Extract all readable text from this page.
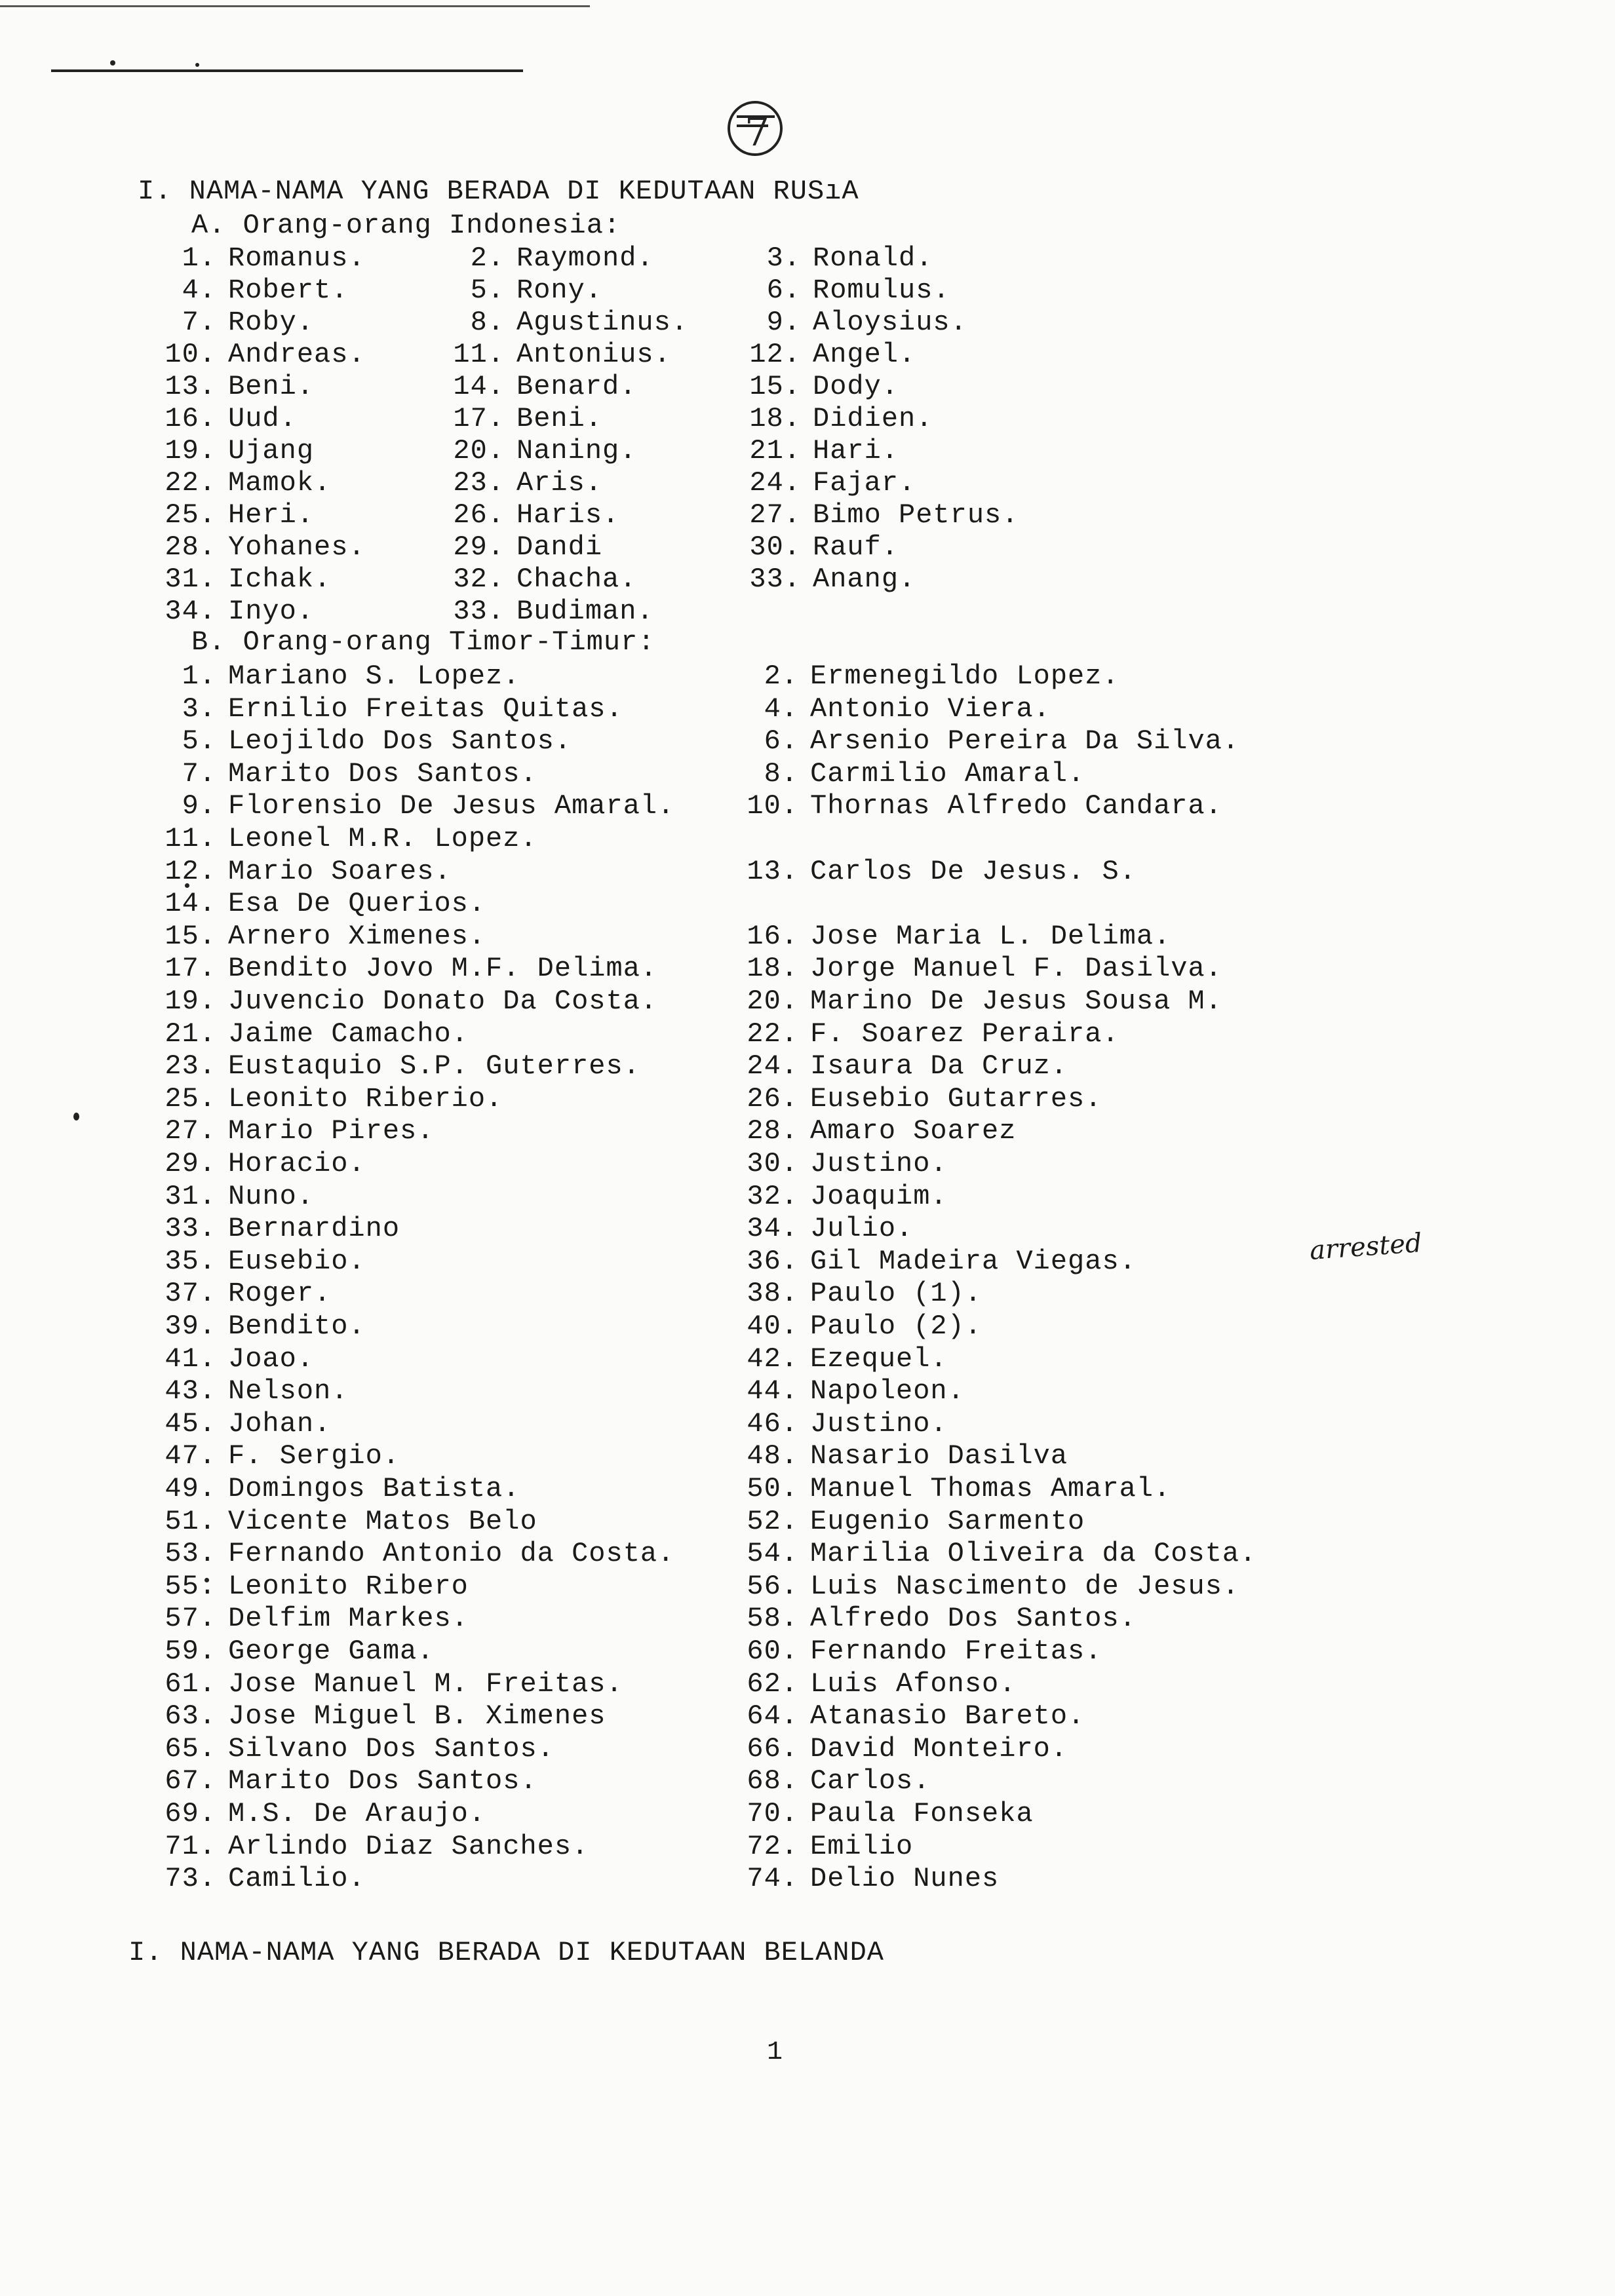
7
I. NAMA-NAMA YANG BERADA DI KEDUTAAN RUSıA
A. Orang-orang Indonesia:
1. Romanus.	2. Raymond.	3. Ronald.
4. Robert.	5. Rony.	6. Romulus.
7. Roby.	8. Agustinus.	9. Aloysius.
10. Andreas.	11. Antonius.	12. Angel.
13. Beni.	14. Benard.	15. Dody.
16. Uud.	17. Beni.	18. Didien.
19. Ujang	20. Naning.	21. Hari.
22. Mamok.	23. Aris.	24. Fajar.
25. Heri.	26. Haris.	27. Bimo Petrus.
28. Yohanes.	29. Dandi	30. Rauf.
31. Ichak.	32. Chacha.	33. Anang.
34. Inyo.	33. Budiman.
B. Orang-orang Timor-Timur:
1. Mariano S. Lopez.	2. Ermenegildo Lopez.
3. Ernilio Freitas Quitas.	4. Antonio Viera.
5. Leojildo Dos Santos.	6. Arsenio Pereira Da Silva.
7. Marito Dos Santos.	8. Carmilio Amaral.
9. Florensio De Jesus Amaral.	10. Thornas Alfredo Candara.
11. Leonel M.R. Lopez.
12. Mario Soares.	13. Carlos De Jesus. S.
14. Esa De Querios.
15. Arnero Ximenes.	16. Jose Maria L. Delima.
17. Bendito Jovo M.F. Delima.	18. Jorge Manuel F. Dasilva.
19. Juvencio Donato Da Costa.	20. Marino De Jesus Sousa M.
21. Jaime Camacho.	22. F. Soarez Peraira.
23. Eustaquio S.P. Guterres.	24. Isaura Da Cruz.
25. Leonito Riberio.	26. Eusebio Gutarres.
27. Mario Pires.	28. Amaro Soarez
29. Horacio.	30. Justino.
31. Nuno.	32. Joaquim.
33. Bernardino	34. Julio.
35. Eusebio.	36. Gil Madeira Viegas.
37. Roger.	38. Paulo (1).
39. Bendito.	40. Paulo (2).
41. Joao.	42. Ezequel.
43. Nelson.	44. Napoleon.
45. Johan.	46. Justino.
47. F. Sergio.	48. Nasario Dasilva
49. Domingos Batista.	50. Manuel Thomas Amaral.
51. Vicente Matos Belo	52. Eugenio Sarmento
53. Fernando Antonio da Costa.	54. Marilia Oliveira da Costa.
55. Leonito Ribero	56. Luis Nascimento de Jesus.
57. Delfim Markes.	58. Alfredo Dos Santos.
59. George Gama.	60. Fernando Freitas.
61. Jose Manuel M. Freitas.	62. Luis Afonso.
63. Jose Miguel B. Ximenes	64. Atanasio Bareto.
65. Silvano Dos Santos.	66. David Monteiro.
67. Marito Dos Santos.	68. Carlos.
69. M.S. De Araujo.	70. Paula Fonseka
71. Arlindo Diaz Sanches.	72. Emilio
73. Camilio.	74. Delio Nunes
arrested
I. NAMA-NAMA YANG BERADA DI KEDUTAAN BELANDA
1
